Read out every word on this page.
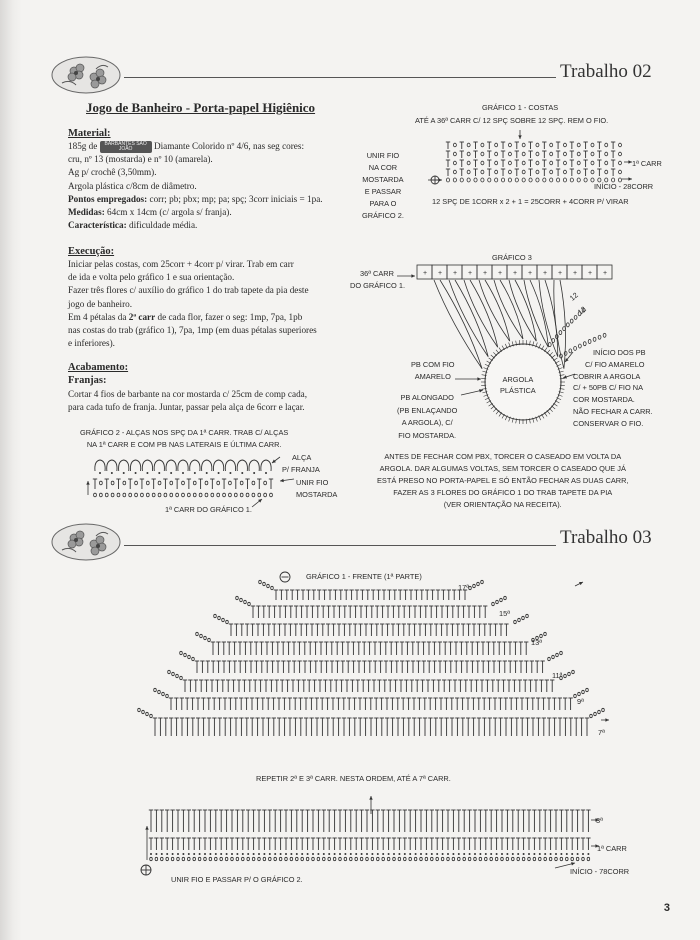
Trabalho 02
Jogo de Banheiro - Porta-papel Higiênico
Material:

185g de BARBANTES SÃO JOÃO Diamante Colorido nº 4/6, nas seg cores:

cru, nº 13 (mostarda) e nº 10 (amarela).

Ag p/ crochê (3,50mm).

Argola plástica c/8cm de diâmetro.

Pontos empregados: corr; pb; pbx; mp; pa; spç; 3corr iniciais = 1pa.

Medidas: 64cm x 14cm (c/ argola s/ franja).

Característica: dificuldade média.

Execução:

Iniciar pelas costas, com 25corr + 4corr p/ virar. Trab em carr

de ida e volta pelo gráfico 1 e sua orientação.

Fazer três flores c/ auxílio do gráfico 1 do trab tapete da pia deste

jogo de banheiro.

Em 4 pétalas da 2ª carr de cada flor, fazer o seg: 1mp, 7pa, 1pb

nas costas do trab (gráfico 1), 7pa, 1mp (em duas pétalas superiores

e inferiores).

Acabamento:
Franjas:

Cortar 4 fios de barbante na cor mostarda c/ 25cm de comp cada,

para cada tufo de franja. Juntar, passar pela alça de 6corr e laçar.

GRÁFICO 1 - COSTAS
ATÉ A 36ª CARR C/ 12 SPÇ SOBRE 12 SPÇ. REM O FIO.
UNIR FIO
NA COR
MOSTARDA
E PASSAR
PARA O
GRÁFICO 2.
1ª CARR
INÍCIO - 28CORR
12 SPÇ DE 1CORR x 2 + 1 = 25CORR + 4CORR P/ VIRAR
GRÁFICO 3
36ª CARR
DO GRÁFICO 1.
+ + + + + + + + + + + + +
12
12
PB COM FIO
AMARELO
PB ALONGADO
(PB ENLAÇANDO
A ARGOLA), C/
FIO MOSTARDA.
ARGOLA
PLÁSTICA
INÍCIO DOS PB
C/ FIO AMARELO
COBRIR A ARGOLA
C/ + 50PB C/ FIO NA
COR MOSTARDA.
NÃO FECHAR A CARR.
CONSERVAR O FIO.
ANTES DE FECHAR COM PBX, TORCER O CASEADO EM VOLTA DA
ARGOLA. DAR ALGUMAS VOLTAS, SEM TORCER O CASEADO QUE JÁ
ESTÁ PRESO NO PORTA-PAPEL E SÓ ENTÃO FECHAR AS DUAS CARR,
FAZER AS 3 FLORES DO GRÁFICO 1 DO TRAB TAPETE DA PIA
(VER ORIENTAÇÃO NA RECEITA).
GRÁFICO 2 - ALÇAS NOS SPÇ DA 1ª CARR. TRAB C/ ALÇAS
NA 1ª CARR E COM PB NAS LATERAIS E ÚLTIMA CARR.
ALÇA
P/ FRANJA
UNIR FIO
MOSTARDA
1ª CARR DO GRÁFICO 1.
Trabalho 03
GRÁFICO 1 - FRENTE (1ª PARTE)
17ª
15ª
13ª
11ª
9ª
7ª
REPETIR 2ª E 3ª CARR. NESTA ORDEM, ATÉ A 7ª CARR.
3ª
1ª CARR
INÍCIO - 78CORR
UNIR FIO E PASSAR P/ O GRÁFICO 2.
3
